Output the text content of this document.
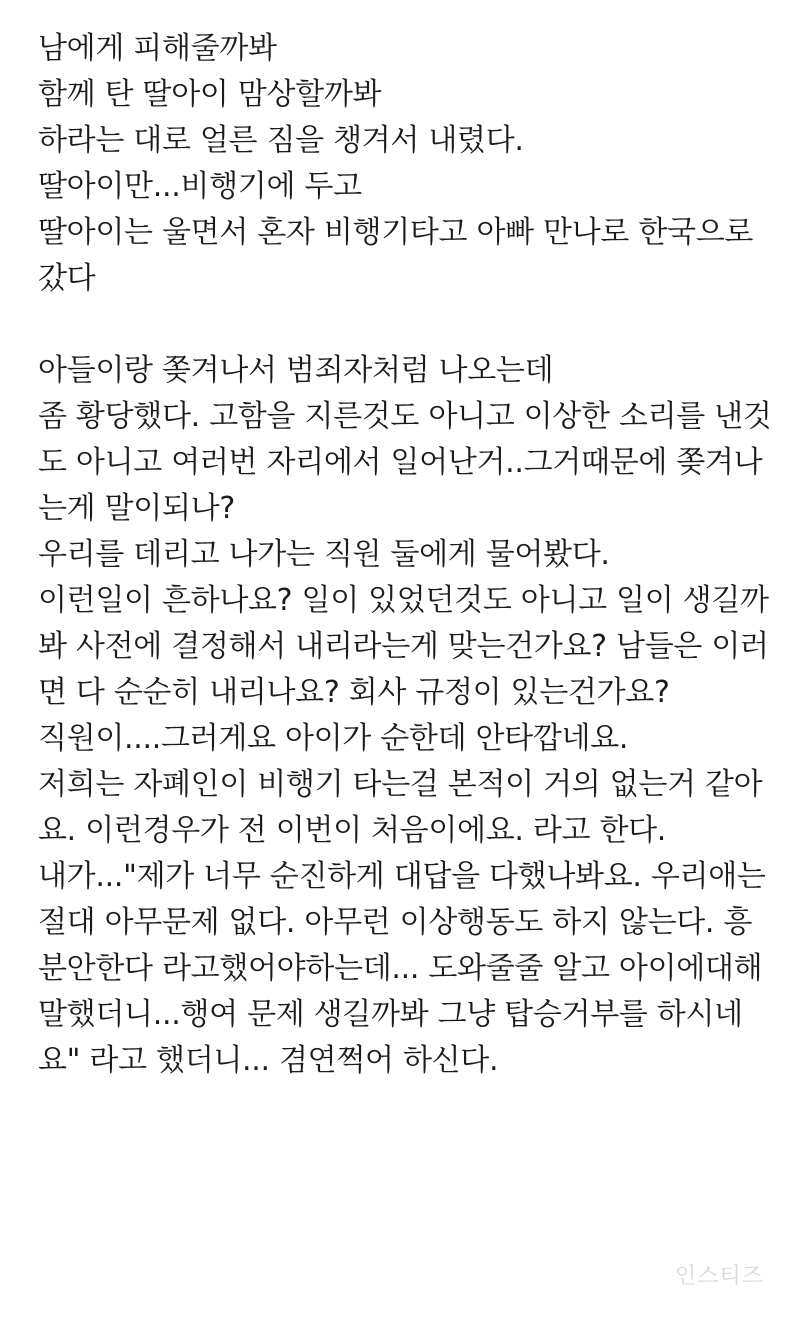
남에게 피해줄까봐
함께 탄 딸아이 맘상할까봐
하라는 대로 얼른 짐을 챙겨서 내렸다.
딸아이만...비행기에 두고
딸아이는 울면서 혼자 비행기타고 아빠 만나로 한국으로
갔다
아들이랑 쫒겨나서 범죄자처럼 나오는데
좀 황당했다. 고함을 지른것도 아니고 이상한 소리를 낸것
도 아니고 여러번 자리에서 일어난거..그거때문에 쫒겨나
는게 말이되나?
우리를 데리고 나가는 직원 둘에게 물어봤다.
이런일이 흔하나요? 일이 있었던것도 아니고 일이 생길까
봐 사전에 결정해서 내리라는게 맞는건가요? 남들은 이러
면 다 순순히 내리나요? 회사 규정이 있는건가요?
직원이....그러게요 아이가 순한데 안타깝네요.
저희는 자폐인이 비행기 타는걸 본적이 거의 없는거 같아
요. 이런경우가 전 이번이 처음이에요. 라고 한다.
내가..."제가 너무 순진하게 대답을 다했나봐요. 우리애는
절대 아무문제 없다. 아무런 이상행동도 하지 않는다. 흥
분안한다 라고했어야하는데... 도와줄줄 알고 아이에대해
말했더니...행여 문제 생길까봐 그냥 탑승거부를 하시네
요" 라고 했더니... 겸연쩍어 하신다.
인스티즈
